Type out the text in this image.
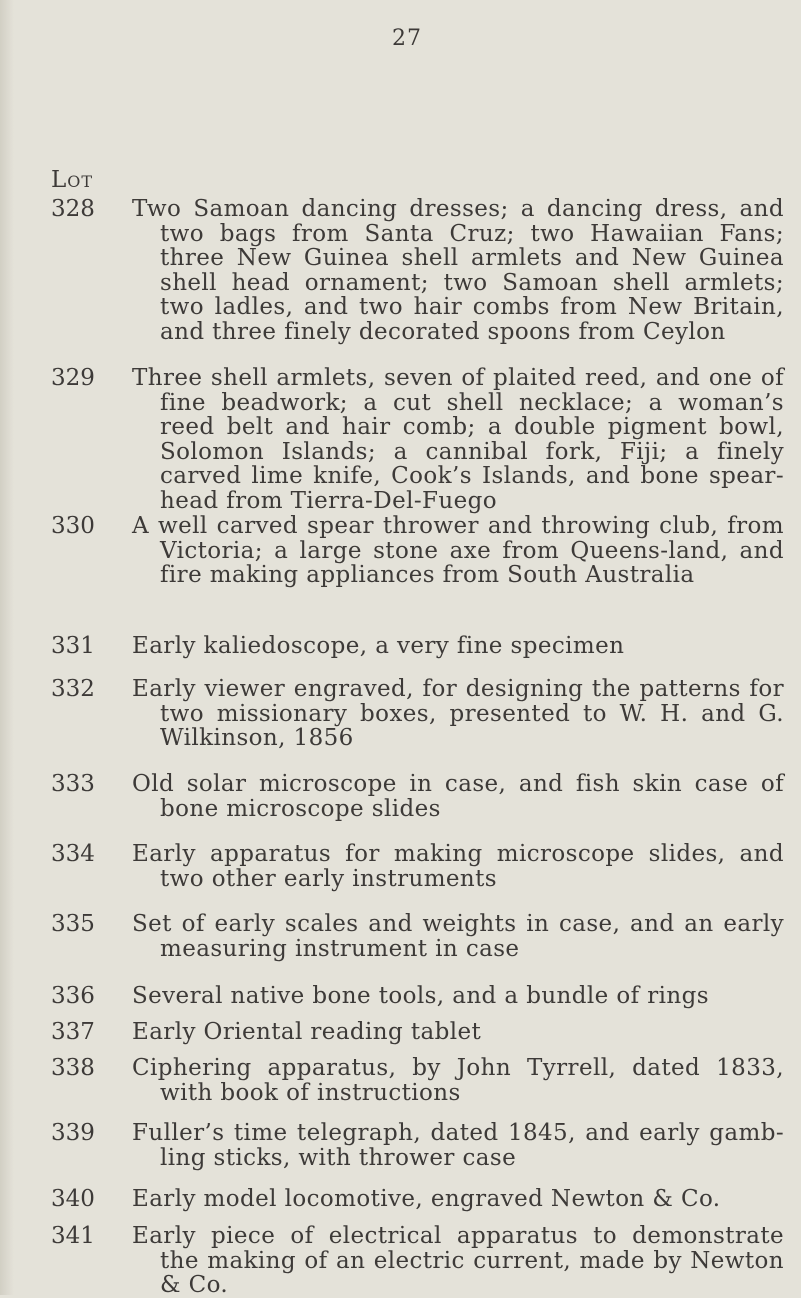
27
Lot
328 Two Samoan dancing dresses; a dancing dress, and two bags from Santa Cruz; two Hawaiian Fans; three New Guinea shell armlets and New Guinea shell head ornament; two Samoan shell armlets; two ladles, and two hair combs from New Britain, and three finely decorated spoons from Ceylon
329 Three shell armlets, seven of plaited reed, and one of fine beadwork; a cut shell necklace; a woman’s reed belt and hair comb; a double pigment bowl, Solomon Islands; a cannibal fork, Fiji; a finely carved lime knife, Cook’s Islands, and bone spear-head from Tierra-Del-Fuego
330 A well carved spear thrower and throwing club, from Victoria; a large stone axe from Queens-land, and fire making appliances from South Australia
331 Early kaliedoscope, a very fine specimen
332 Early viewer engraved, for designing the patterns for two missionary boxes, presented to W. H. and G. Wilkinson, 1856
333 Old solar microscope in case, and fish skin case of bone microscope slides
334 Early apparatus for making microscope slides, and two other early instruments
335 Set of early scales and weights in case, and an early measuring instrument in case
336 Several native bone tools, and a bundle of rings
337 Early Oriental reading tablet
338 Ciphering apparatus, by John Tyrrell, dated 1833, with book of instructions
339 Fuller’s time telegraph, dated 1845, and early gamb-ling sticks, with thrower case
340 Early model locomotive, engraved Newton & Co.
341 Early piece of electrical apparatus to demonstrate the making of an electric current, made by Newton & Co.
